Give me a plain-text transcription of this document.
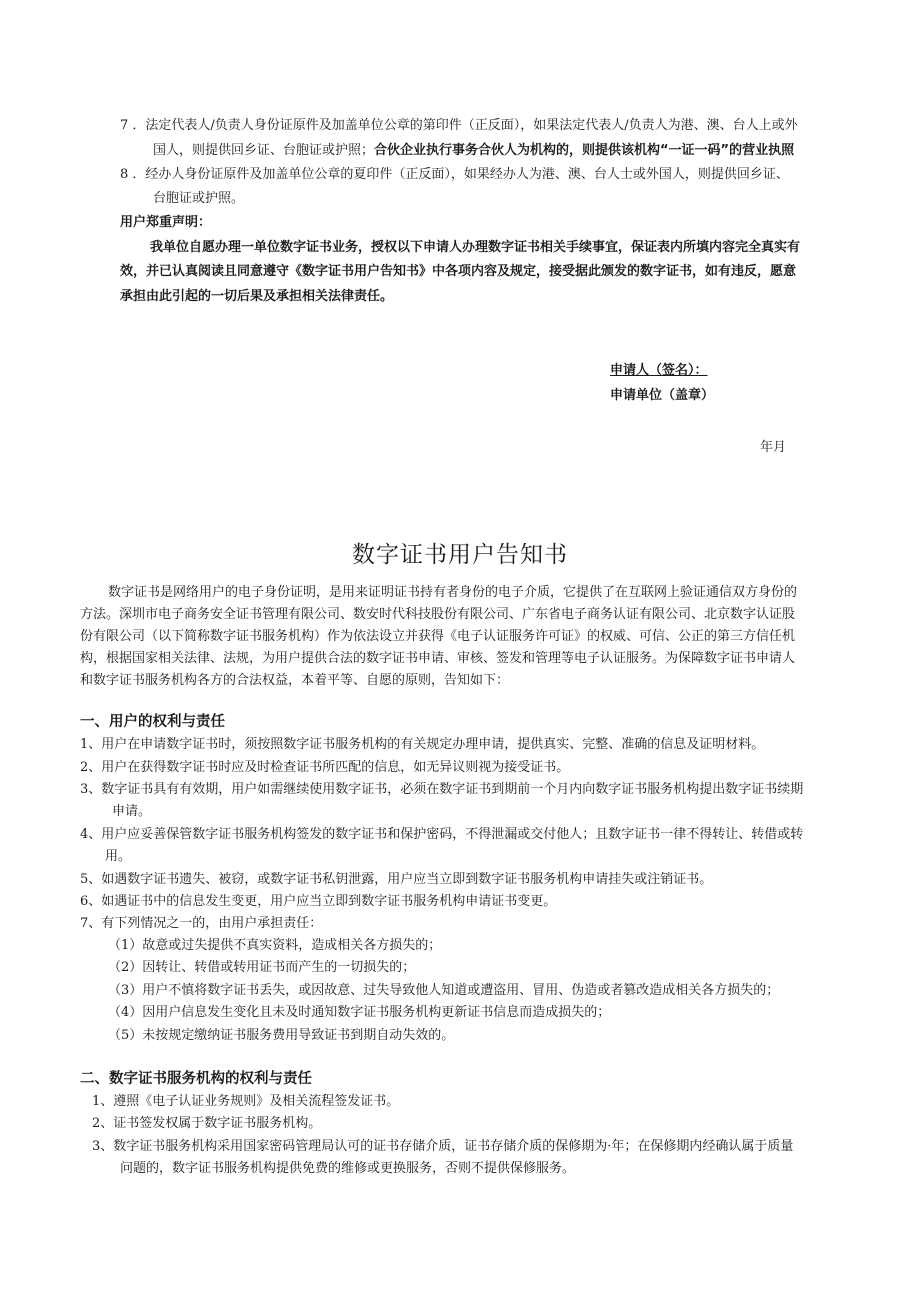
7 ．法定代表人/负责人身份证原件及加盖单位公章的第印件（正反面），如果法定代表人/负责人为港、澳、台人上或外
国人，则提供回乡证、台胞证或护照；合伙企业执行事务合伙人为机构的，则提供该机构“一证一码”的营业执照
8 ．经办人身份证原件及加盖单位公章的夏印件（正反面），如果经办人为港、澳、台人士或外国人，则提供回乡证、
台胞证或护照。
用户郑重声明：
我单位自愿办理一单位数字证书业务，授权以下申请人办理数字证书相关手续事宜，保证表内所填内容完全真实有
效，并已认真阅读且同意遵守《数字证书用户告知书》中各项内容及规定，接受据此颁发的数字证书，如有违反，愿意
承担由此引起的一切后果及承担相关法律责任。
申请人（签名）：
申请单位（盖章）
年月
数字证书用户告知书
数字证书是网络用户的电子身份证明，是用来证明证书持有者身份的电子介质，它提供了在互联网上验证通信双方身份的
方法。深圳市电子商务安全证书管理有限公司、数安时代科技股份有限公司、广东省电子商务认证有限公司、北京数字认证股
份有限公司（以下简称数字证书服务机构）作为依法设立并获得《电子认证服务许可证》的权威、可信、公正的第三方信任机
构，根据国家相关法律、法规，为用户提供合法的数字证书申请、审核、签发和管理等电子认证服务。为保障数字证书申请人
和数字证书服务机构各方的合法权益，本着平等、自愿的原则，告知如下：
一、用户的权利与责任
1、用户在申请数字证书时，须按照数字证书服务机构的有关规定办理申请，提供真实、完整、准确的信息及证明材料。
2、用户在获得数字证书时应及时检查证书所匹配的信息，如无异议则视为接受证书。
3、数字证书具有有效期，用户如需继续使用数字证书，必须在数字证书到期前一个月内向数字证书服务机构提出数字证书续期
申请。
4、用户应妥善保管数字证书服务机构签发的数字证书和保护密码，不得泄漏或交付他人；且数字证书一律不得转让、转借或转
用。
5、如遇数字证书遗失、被窃，或数字证书私钥泄露，用户应当立即到数字证书服务机构申请挂失或注销证书。
6、如遇证书中的信息发生变更，用户应当立即到数字证书服务机构申请证书变更。
7、有下列情况之一的，由用户承担责任：
（1）故意或过失提供不真实资料，造成相关各方损失的；
（2）因转让、转借或转用证书而产生的一切损失的；
（3）用户不慎将数字证书丢失，或因故意、过失导致他人知道或遭盗用、冒用、伪造或者篡改造成相关各方损失的；
（4）因用户信息发生变化且未及时通知数字证书服务机构更新证书信息而造成损失的；
（5）未按规定缴纳证书服务费用导致证书到期自动失效的。
二、数字证书服务机构的权利与责任
1、遵照《电子认证业务规则》及相关流程签发证书。
2、证书签发权属于数字证书服务机构。
3、数字证书服务机构采用国家密码管理局认可的证书存储介质，证书存储介质的保修期为·年；在保修期内经确认属于质量
问题的，数字证书服务机构提供免费的维修或更换服务，否则不提供保修服务。
